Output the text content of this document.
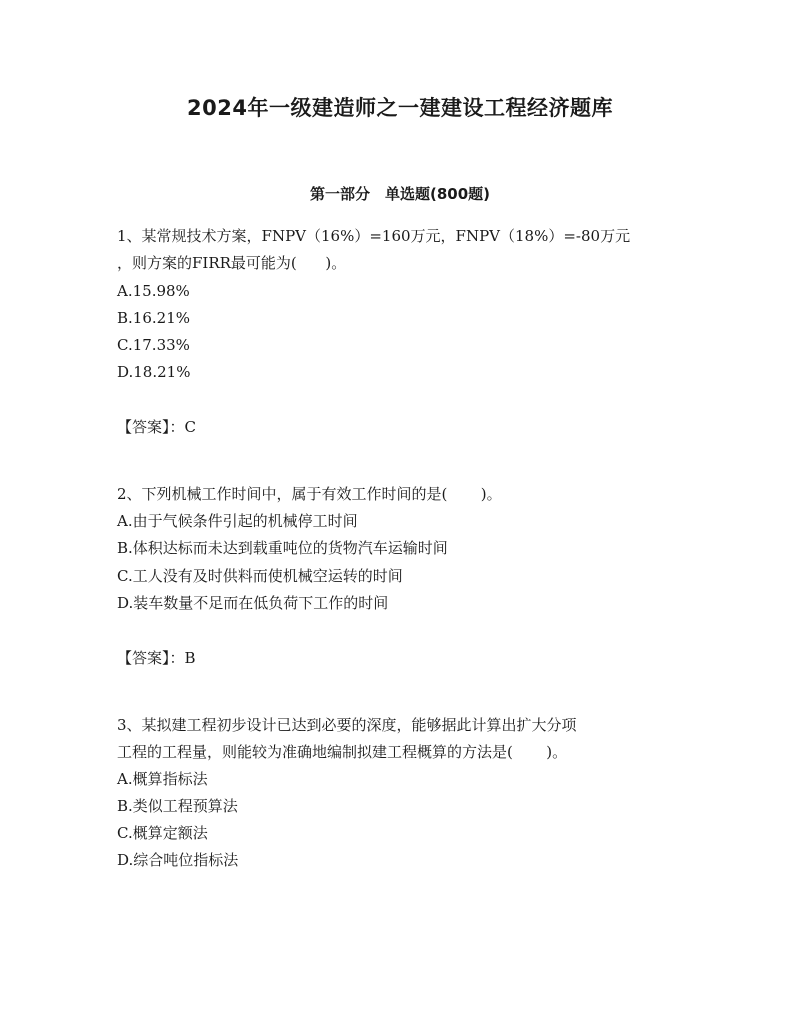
2024年一级建造师之一建建设工程经济题库
第一部分　单选题(800题)
1、某常规技术方案，FNPV（16%）=160万元，FNPV（18%）=-80万元
，则方案的FIRR最可能为(      )。
A.15.98%
B.16.21%
C.17.33%
D.18.21%
【答案】：C
2、下列机械工作时间中，属于有效工作时间的是(       )。
A.由于气候条件引起的机械停工时间
B.体积达标而未达到载重吨位的货物汽车运输时间
C.工人没有及时供料而使机械空运转的时间
D.装车数量不足而在低负荷下工作的时间
【答案】：B
3、某拟建工程初步设计已达到必要的深度，能够据此计算出扩大分项
工程的工程量，则能较为准确地编制拟建工程概算的方法是(       )。
A.概算指标法
B.类似工程预算法
C.概算定额法
D.综合吨位指标法
